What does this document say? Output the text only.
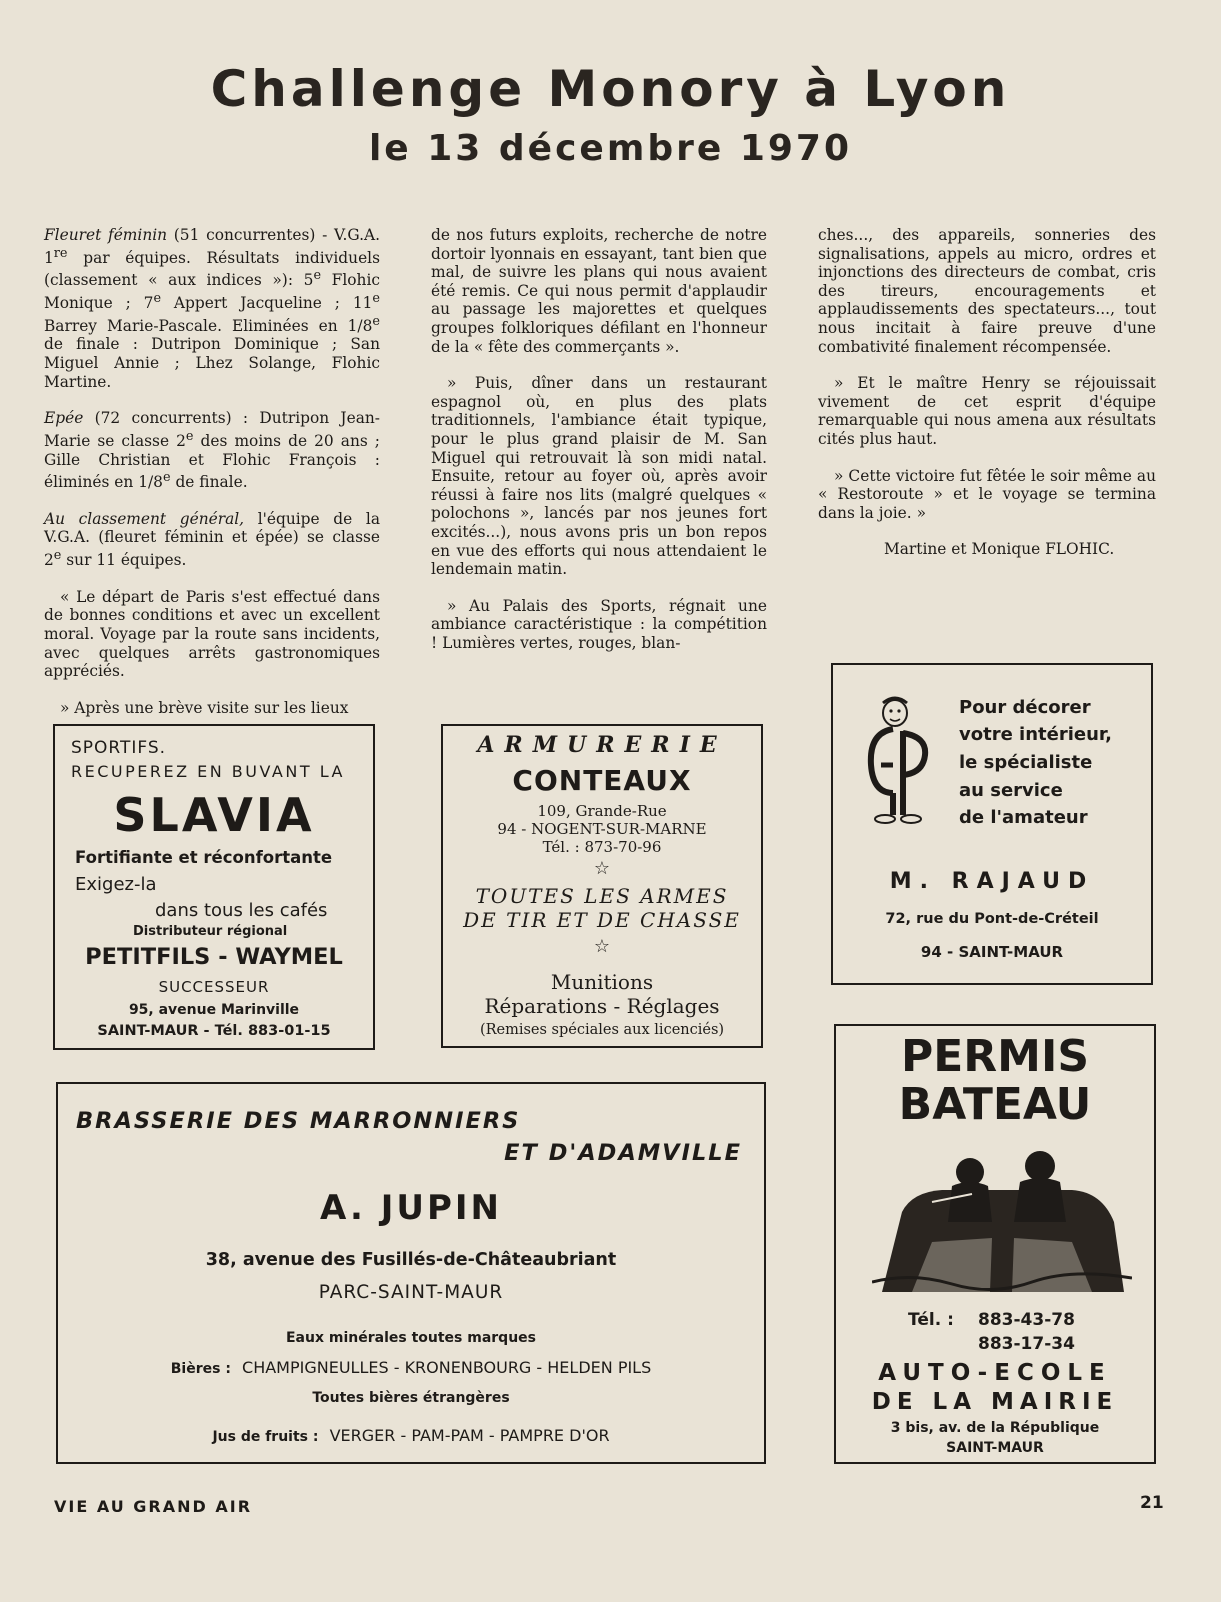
Challenge Monory à Lyon
le 13 décembre 1970

Fleuret féminin (51 concurrentes) - V.G.A. 1re par équipes. Résultats individuels (classement « aux indices »): 5e Flohic Monique ; 7e Appert Jacqueline ; 11e Barrey Marie-Pascale. Eliminées en 1/8e de finale : Dutripon Dominique ; San Miguel Annie ; Lhez Solange, Flohic Martine.

Epée (72 concurrents) : Dutripon Jean-Marie se classe 2e des moins de 20 ans ; Gille Christian et Flohic François : éliminés en 1/8e de finale.

Au classement général, l'équipe de la V.G.A. (fleuret féminin et épée) se classe 2e sur 11 équipes.

« Le départ de Paris s'est effectué dans de bonnes conditions et avec un excellent moral. Voyage par la route sans incidents, avec quelques arrêts gastronomiques appréciés.

» Après une brève visite sur les lieux

de nos futurs exploits, recherche de notre dortoir lyonnais en essayant, tant bien que mal, de suivre les plans qui nous avaient été remis. Ce qui nous permit d'applaudir au passage les majorettes et quelques groupes folkloriques défilant en l'honneur de la « fête des commerçants ».

» Puis, dîner dans un restaurant espagnol où, en plus des plats traditionnels, l'ambiance était typique, pour le plus grand plaisir de M. San Miguel qui retrouvait là son midi natal. Ensuite, retour au foyer où, après avoir réussi à faire nos lits (malgré quelques « polochons », lancés par nos jeunes fort excités...), nous avons pris un bon repos en vue des efforts qui nous attendaient le lendemain matin.

» Au Palais des Sports, régnait une ambiance caractéristique : la compétition ! Lumières vertes, rouges, blan-

ches..., des appareils, sonneries des signalisations, appels au micro, ordres et injonctions des directeurs de combat, cris des tireurs, encouragements et applaudissements des spectateurs..., tout nous incitait à faire preuve d'une combativité finalement récompensée.

» Et le maître Henry se réjouissait vivement de cet esprit d'équipe remarquable qui nous amena aux résultats cités plus haut.

» Cette victoire fut fêtée le soir même au « Restoroute » et le voyage se termina dans la joie. »

Martine et Monique FLOHIC.

SPORTIFS.
RECUPEREZ EN BUVANT LA
SLAVIA
Fortifiante et réconfortante
Exigez-la
dans tous les cafés
Distributeur régional
PETITFILS - WAYMEL
SUCCESSEUR
95, avenue Marinville
SAINT-MAUR - Tél. 883-01-15
ARMURERIE
CONTEAUX
109, Grande-Rue
94 - NOGENT-SUR-MARNE
Tél. : 873-70-96
☆
TOUTES LES ARMES
DE TIR ET DE CHASSE
☆
Munitions
Réparations - Réglages
(Remises spéciales aux licenciés)
Pour décorer
votre intérieur,
le spécialiste
au service
de l'amateur
M. RAJAUD
72, rue du Pont-de-Créteil
94 - SAINT-MAUR
BRASSERIE DES MARRONNIERS
ET D'ADAMVILLE
A. JUPIN
38, avenue des Fusillés-de-Châteaubriant
PARC-SAINT-MAUR
Eaux minérales toutes marques
Bières : CHAMPIGNEULLES - KRONENBOURG - HELDEN PILS
Toutes bières étrangères
Jus de fruits : VERGER - PAM-PAM - PAMPRE D'OR
PERMIS
BATEAU
Tél. : 883-43-78
883-17-34
AUTO-ECOLE
DE LA MAIRIE
3 bis, av. de la République
SAINT-MAUR
VIE AU GRAND AIR	21
